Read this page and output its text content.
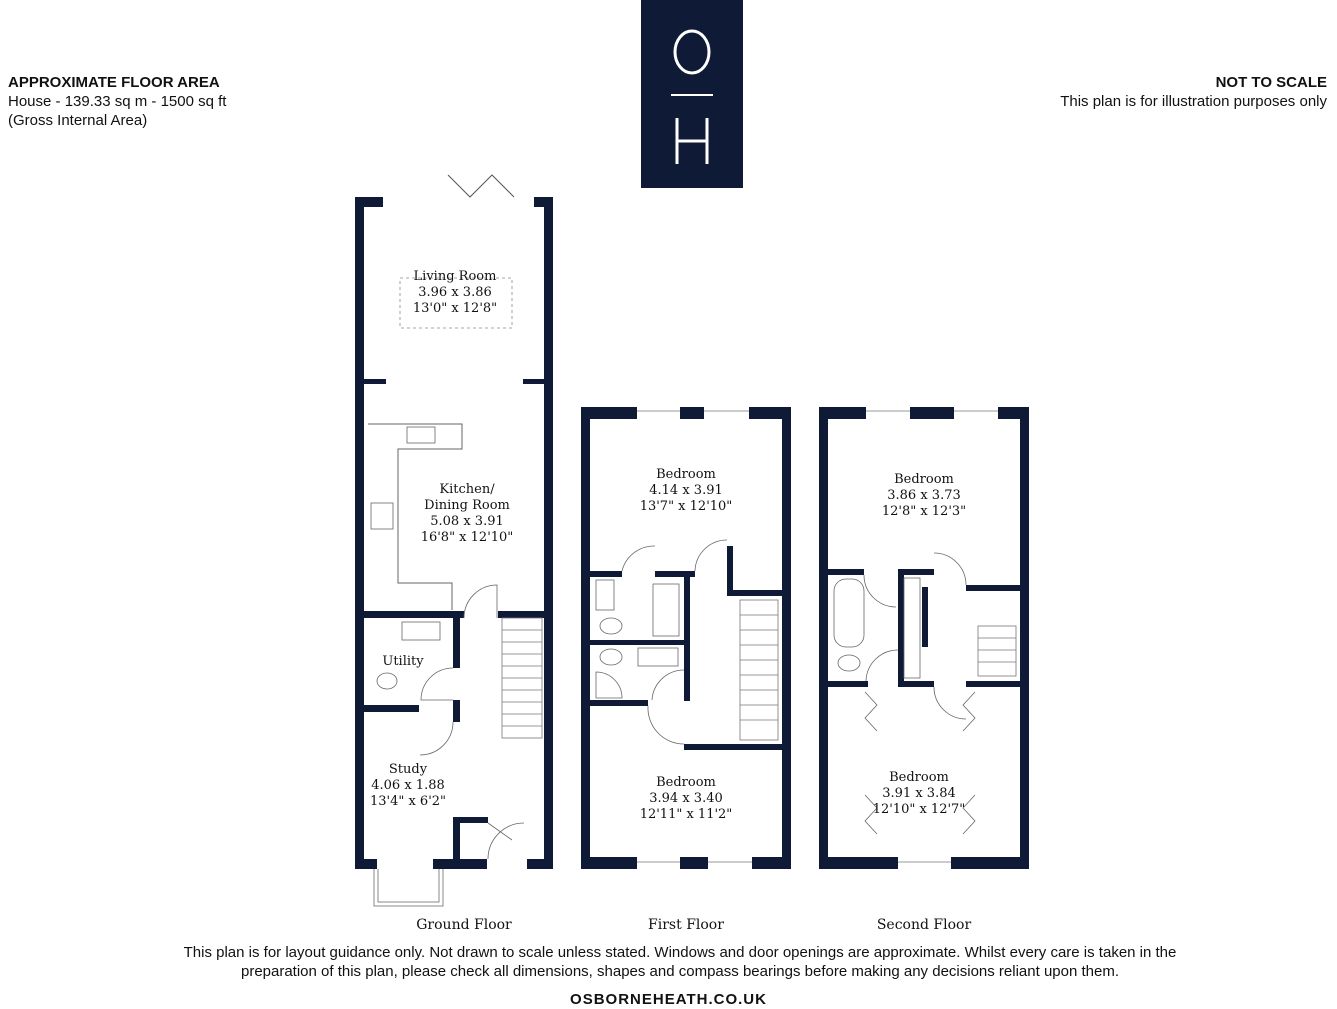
APPROXIMATE FLOOR AREA
House - 139.33 sq m - 1500 sq ft
(Gross Internal Area)
NOT TO SCALE
This plan is for illustration purposes only
Living Room
3.96 x 3.86
13'0" x 12'8"
Kitchen/
Dining Room
5.08 x 3.91
16'8" x 12'10"
Utility
Study
4.06 x 1.88
13'4" x 6'2"
Bedroom
4.14 x 3.91
13'7" x 12'10"
Bedroom
3.94 x 3.40
12'11" x 11'2"
Bedroom
3.86 x 3.73
12'8" x 12'3"
Bedroom
3.91 x 3.84
12'10" x 12'7"
Ground Floor	First Floor	Second Floor
This plan is for layout guidance only. Not drawn to scale unless stated. Windows and door openings are approximate. Whilst every care is taken in the preparation of this plan, please check all dimensions, shapes and compass bearings before making any decisions reliant upon them.
OSBORNEHEATH.CO.UK
